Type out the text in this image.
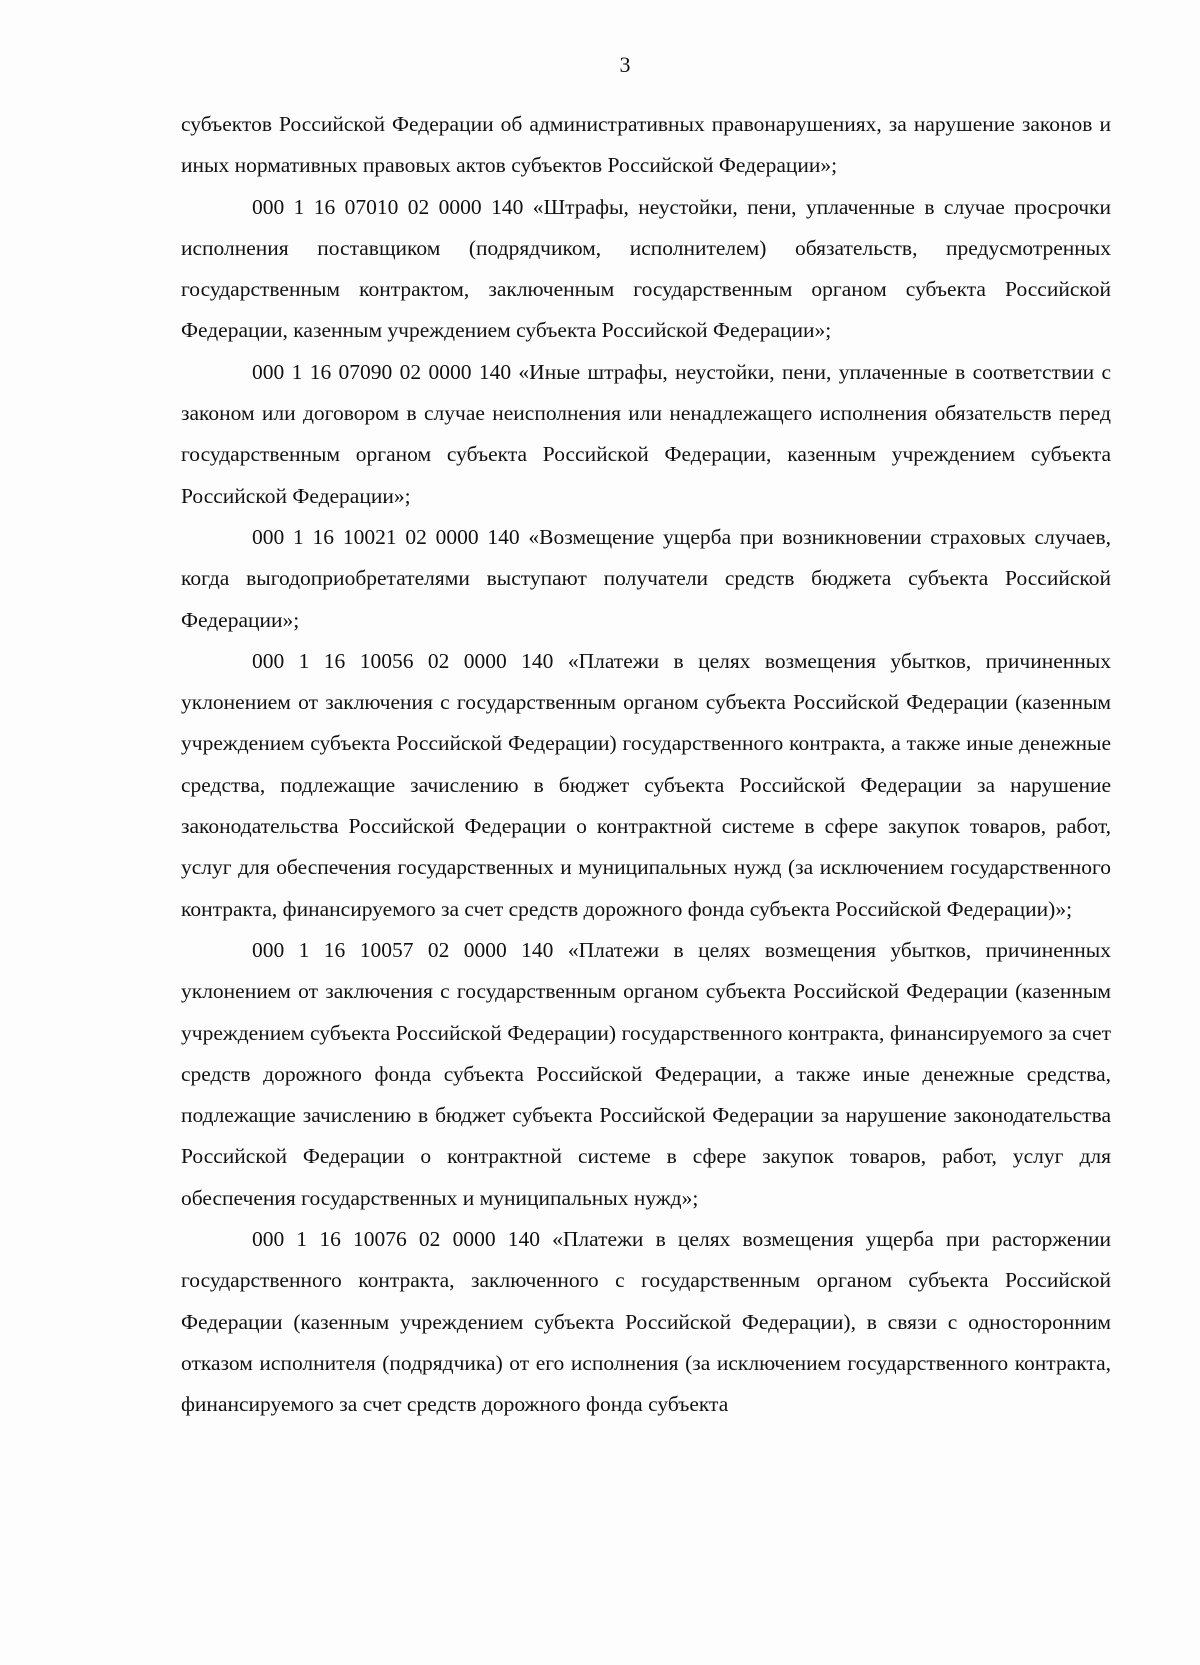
3

субъектов Российской Федерации об административных правонарушениях, за нарушение законов и иных нормативных правовых актов субъектов Российской Федерации»;

000 1 16 07010 02 0000 140 «Штрафы, неустойки, пени, уплаченные в случае просрочки исполнения поставщиком (подрядчиком, исполнителем) обязательств, предусмотренных государственным контрактом, заключенным государственным органом субъекта Российской Федерации, казенным учреждением субъекта Российской Федерации»;

000 1 16 07090 02 0000 140 «Иные штрафы, неустойки, пени, уплаченные в соответствии с законом или договором в случае неисполнения или ненадлежащего исполнения обязательств перед государственным органом субъекта Российской Федерации, казенным учреждением субъекта Российской Федерации»;

000 1 16 10021 02 0000 140 «Возмещение ущерба при возникновении страховых случаев, когда выгодоприобретателями выступают получатели средств бюджета субъекта Российской Федерации»;

000 1 16 10056 02 0000 140 «Платежи в целях возмещения убытков, причиненных уклонением от заключения с государственным органом субъекта Российской Федерации (казенным учреждением субъекта Российской Федерации) государственного контракта, а также иные денежные средства, подлежащие зачислению в бюджет субъекта Российской Федерации за нарушение законодательства Российской Федерации о контрактной системе в сфере закупок товаров, работ, услуг для обеспечения государственных и муниципальных нужд (за исключением государственного контракта, финансируемого за счет средств дорожного фонда субъекта Российской Федерации)»;

000 1 16 10057 02 0000 140 «Платежи в целях возмещения убытков, причиненных уклонением от заключения с государственным органом субъекта Российской Федерации (казенным учреждением субъекта Российской Федерации) государственного контракта, финансируемого за счет средств дорожного фонда субъекта Российской Федерации, а также иные денежные средства, подлежащие зачислению в бюджет субъекта Российской Федерации за нарушение законодательства Российской Федерации о контрактной системе в сфере закупок товаров, работ, услуг для обеспечения государственных и муниципальных нужд»;

000 1 16 10076 02 0000 140 «Платежи в целях возмещения ущерба при расторжении государственного контракта, заключенного с государственным органом субъекта Российской Федерации (казенным учреждением субъекта Российской Федерации), в связи с односторонним отказом исполнителя (подрядчика) от его исполнения (за исключением государственного контракта, финансируемого за счет средств дорожного фонда субъекта
